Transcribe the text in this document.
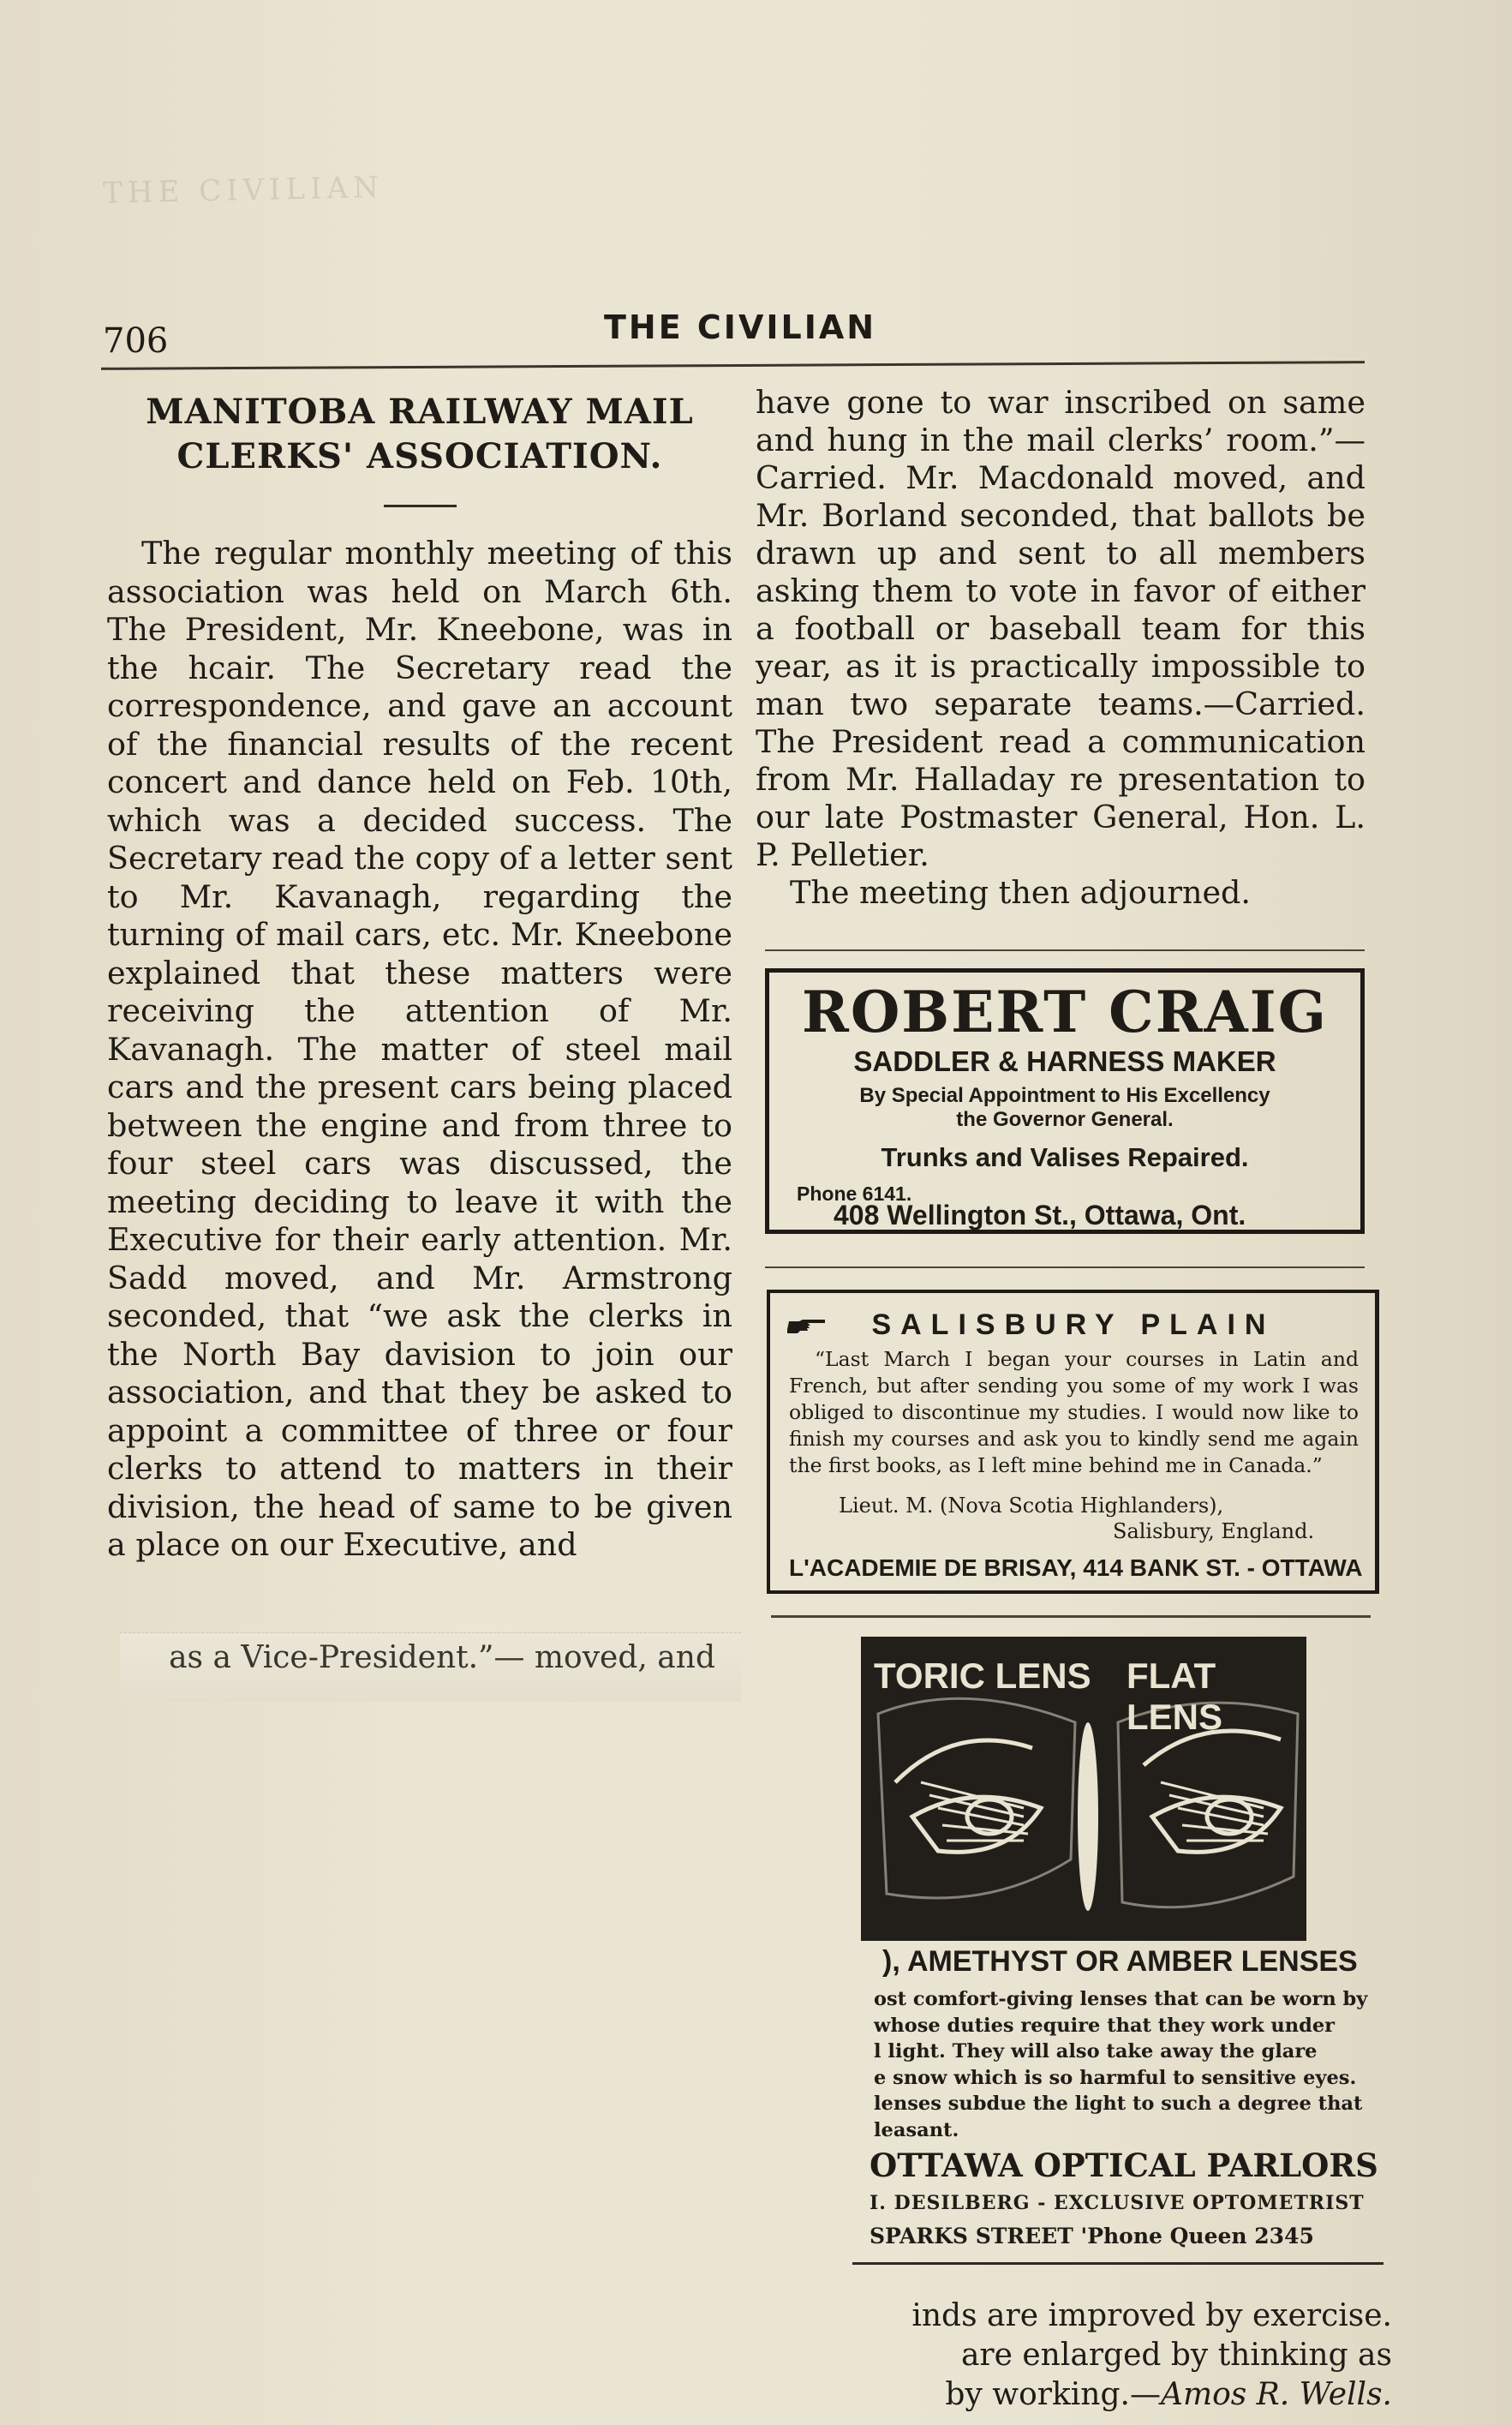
THE CIVILIAN
706	THE CIVILIAN
MANITOBA RAILWAY MAIL
CLERKS' ASSOCIATION.

The regular monthly meeting of this association was held on March 6th. The President, Mr. Kneebone, was in the hcair. The Secretary read the correspondence, and gave an account of the financial results of the recent concert and dance held on Feb. 10th, which was a decided success. The Secretary read the copy of a letter sent to Mr. Kavanagh, regarding the turning of mail cars, etc. Mr. Kneebone explained that these matters were receiving the attention of Mr. Kavanagh. The matter of steel mail cars and the present cars being placed between the engine and from three to four steel cars was discussed, the meeting deciding to leave it with the Executive for their early attention. Mr. Sadd moved, and Mr. Armstrong seconded, that “we ask the clerks in the North Bay davision to join our association, and that they be asked to appoint a committee of three or four clerks to attend to matters in their division, the head of same to be given a place on our Executive, and

as a Vice-President.”— moved, and

have gone to war inscribed on same and hung in the mail clerks’ room.”—Carried. Mr. Macdonald moved, and Mr. Borland seconded, that ballots be drawn up and sent to all members asking them to vote in favor of either a football or baseball team for this year, as it is practically impossible to man two separate teams.—Carried. The President read a communication from Mr. Halladay re presentation to our late Postmaster General, Hon. L. P. Pelletier.

The meeting then adjourned.

ROBERT CRAIG
SADDLER & HARNESS MAKER
By Special Appointment to His Excellency
the Governor General.
Trunks and Valises Repaired.
Phone 6141.
408 Wellington St., Ottawa, Ont.
SALISBURY PLAIN

“Last March I began your courses in Latin and French, but after sending you some of my work I was obliged to discontinue my studies. I would now like to finish my courses and ask you to kindly send me again the first books, as I left mine behind me in Canada.”

Lieut. M. (Nova Scotia Highlanders),
Salisbury, England.
L'ACADEMIE DE BRISAY, 414 BANK ST. - OTTAWA
TORIC LENS FLAT LENS
), AMETHYST OR AMBER LENSES
ost comfort-giving lenses that can be worn by
whose duties require that they work under
l light. They will also take away the glare
e snow which is so harmful to sensitive eyes.
lenses subdue the light to such a degree that
leasant.
OTTAWA OPTICAL PARLORS
I. DESILBERG - EXCLUSIVE OPTOMETRIST
SPARKS STREET 'Phone Queen 2345
inds are improved by exercise.
are enlarged by thinking as
by working.—Amos R. Wells.
